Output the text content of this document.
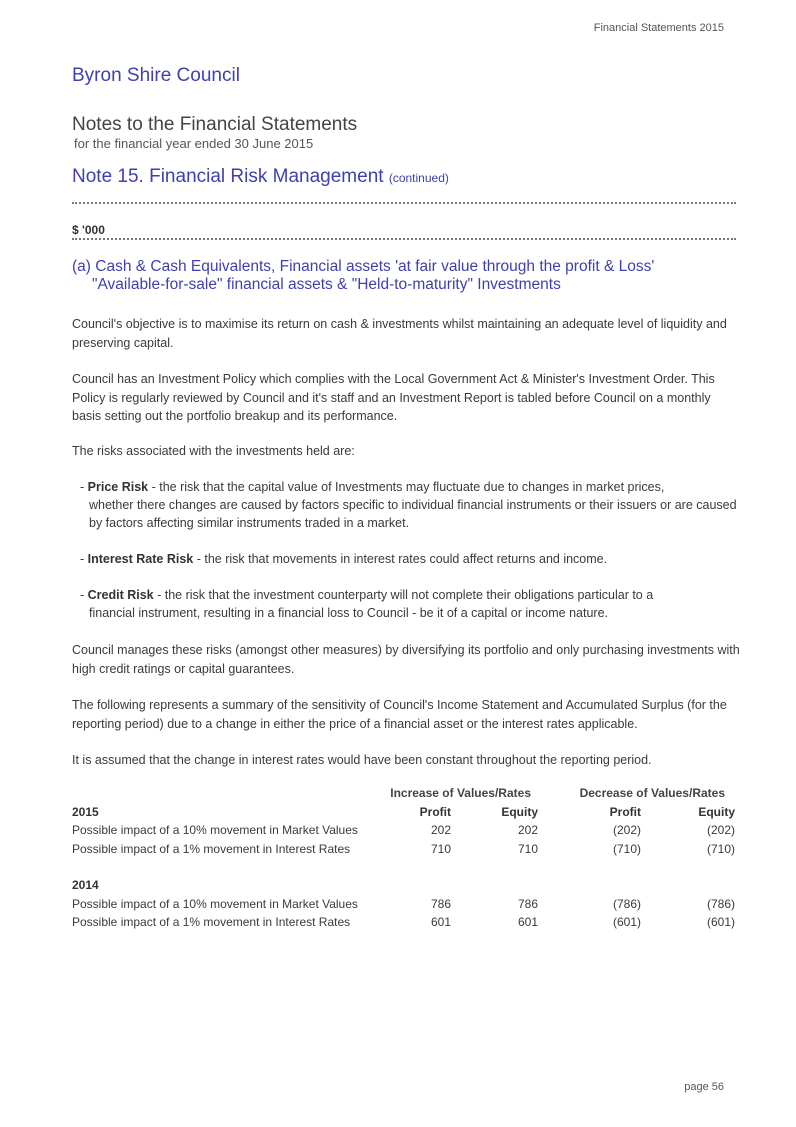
Financial Statements 2015
Byron Shire Council
Notes to the Financial Statements
for the financial year ended 30 June 2015
Note 15. Financial Risk Management (continued)
$ '000
(a) Cash & Cash Equivalents, Financial assets 'at fair value through the profit & Loss'
"Available-for-sale" financial assets & "Held-to-maturity" Investments
Council's objective is to maximise its return on cash & investments whilst maintaining an adequate level of liquidity and preserving capital.
Council has an Investment Policy which complies with the Local Government Act & Minister's Investment Order. This Policy is regularly reviewed by Council and it's staff and an Investment Report is tabled before Council on a monthly basis setting out the portfolio breakup and its performance.
The risks associated with the investments held are:
- Price Risk - the risk that the capital value of Investments may fluctuate due to changes in market prices,
whether there changes are caused by factors specific to individual financial instruments or their issuers or are caused by factors affecting similar instruments traded in a market.
- Interest Rate Risk - the risk that movements in interest rates could affect returns and income.
- Credit Risk - the risk that the investment counterparty will not complete their obligations particular to a
financial instrument, resulting in a financial loss to Council - be it of a capital or income nature.
Council manages these risks (amongst other measures) by diversifying its portfolio and only purchasing investments with high credit ratings or capital guarantees.
The following represents a summary of the sensitivity of Council's Income Statement and Accumulated Surplus (for the reporting period) due to a change in either the price of a financial asset or the interest rates applicable.
It is assumed that the change in interest rates would have been constant throughout the reporting period.
Increase of Values/Rates	Decrease of Values/Rates
2015	Profit	Equity	Profit	Equity
Possible impact of a 10% movement in Market Values	202	202	(202)	(202)
Possible impact of a 1% movement in Interest Rates	710	710	(710)	(710)
2014
Possible impact of a 10% movement in Market Values	786	786	(786)	(786)
Possible impact of a 1% movement in Interest Rates	601	601	(601)	(601)
page 56
